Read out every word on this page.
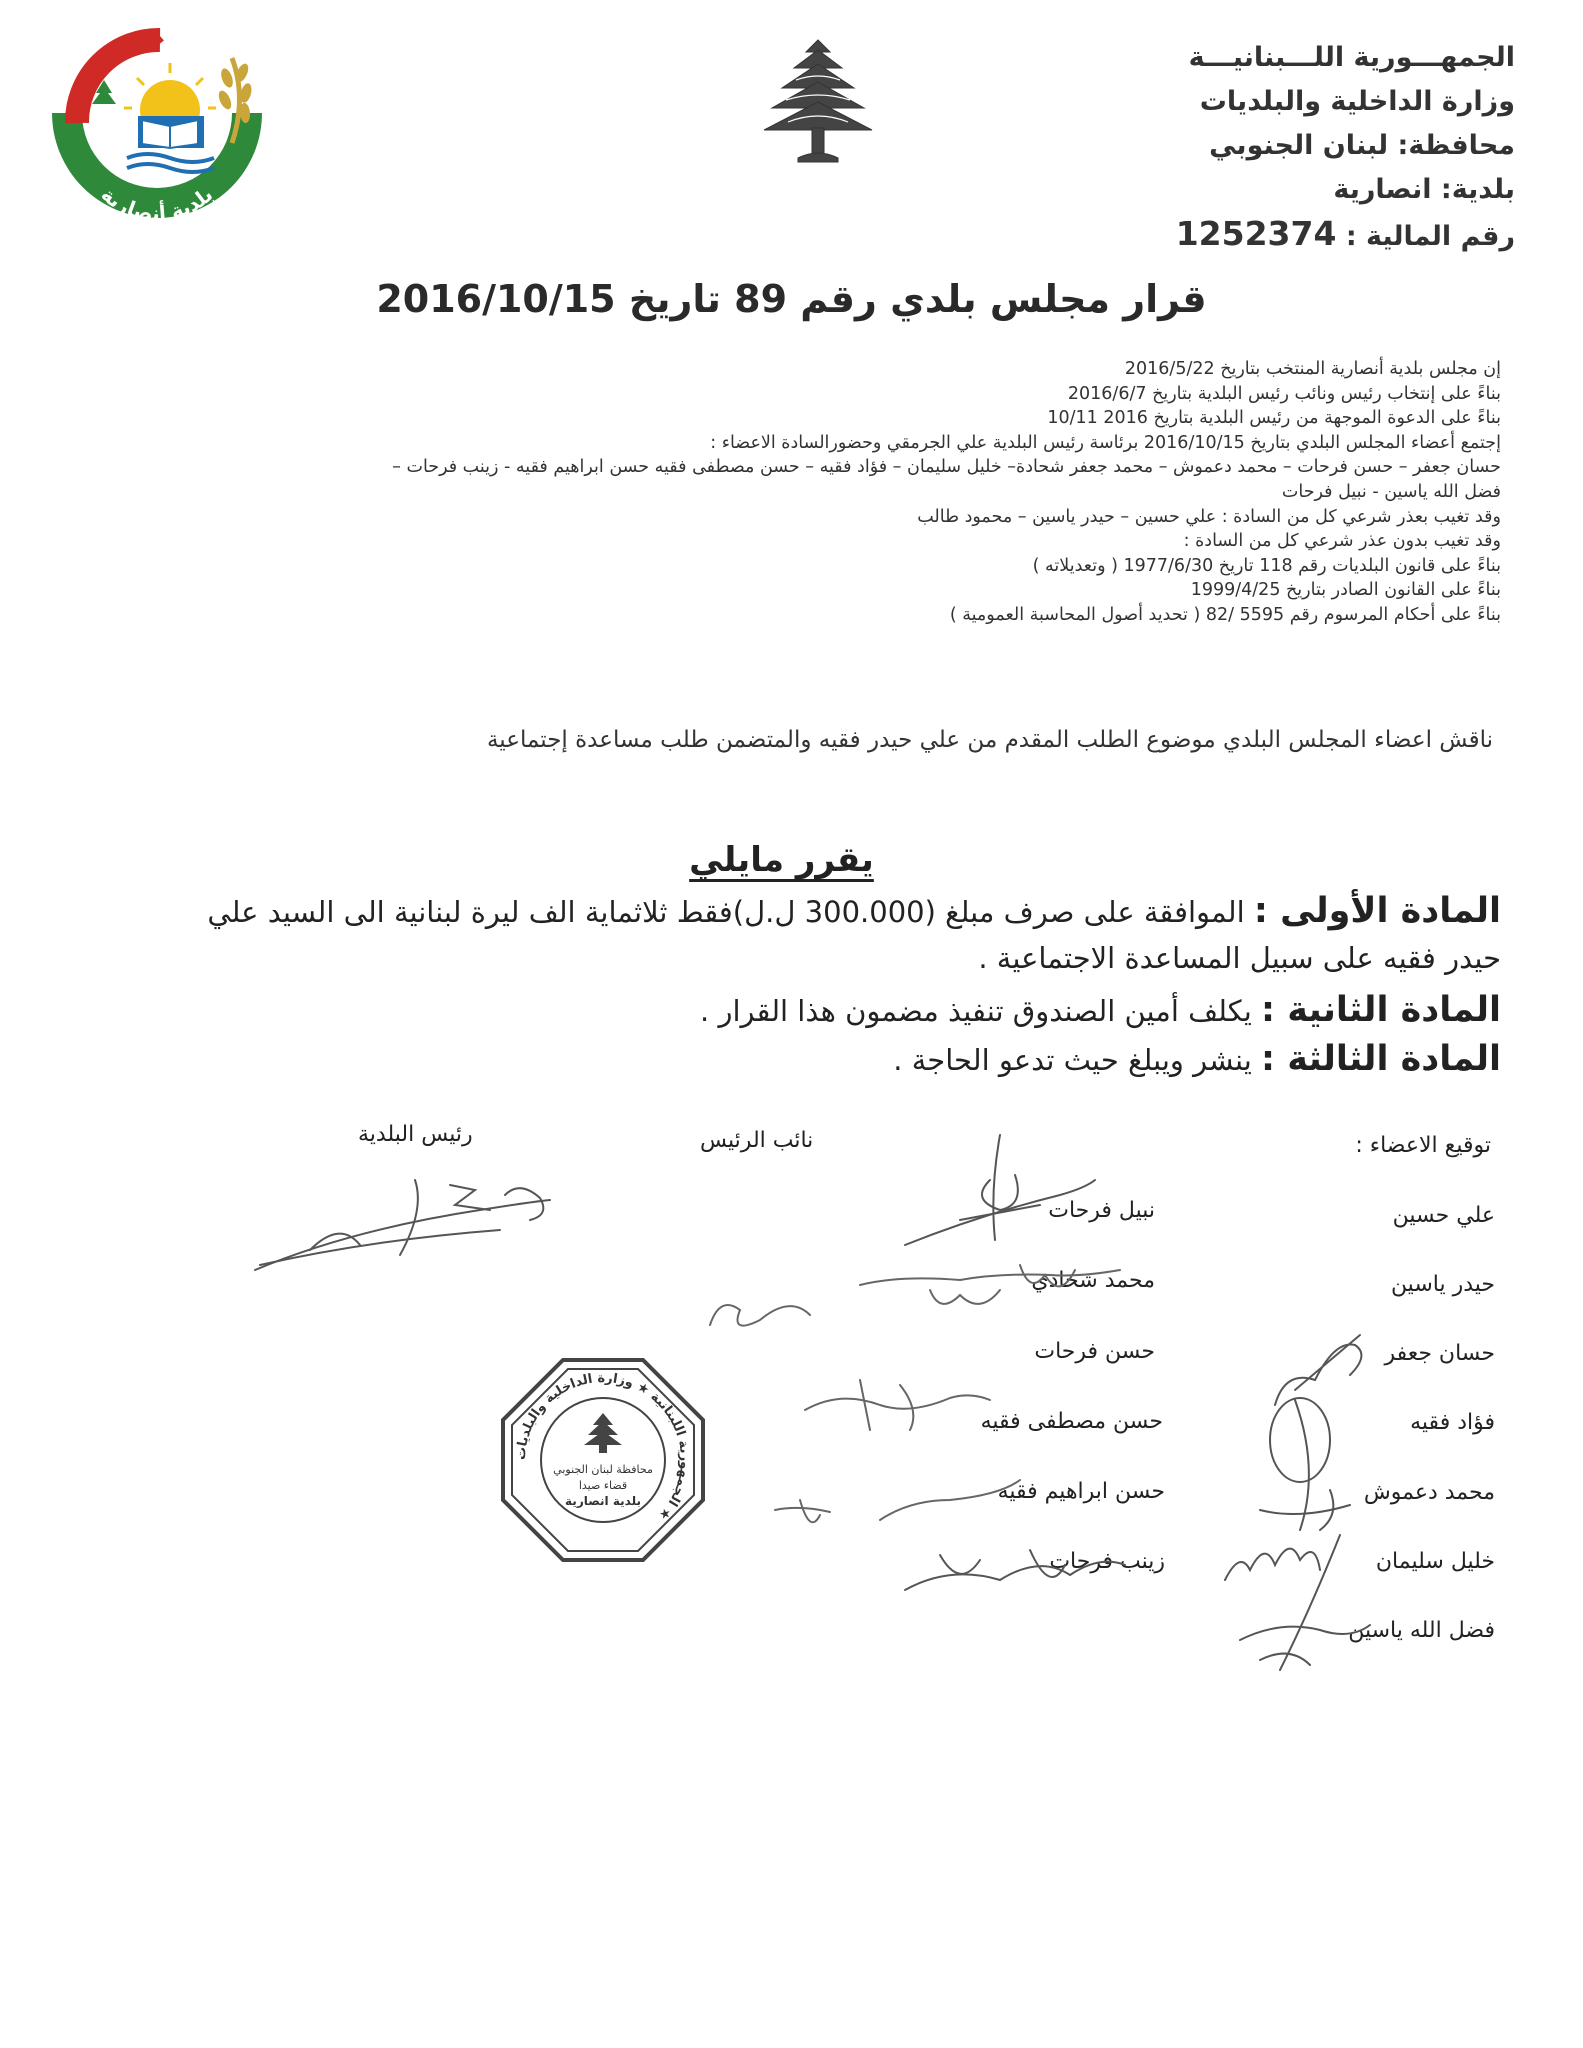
بلدية أنصارية
الجمهـــورية اللـــبنانيـــة
وزارة الداخلية والبلديات
محافظة: لبنان الجنوبي
بلدية: انصارية
رقم المالية : 1252374
قرار مجلس بلدي رقم 89 تاريخ 2016/10/15
إن مجلس بلدية أنصارية المنتخب بتاريخ 2016/5/22
بناءً على إنتخاب رئيس ونائب رئيس البلدية بتاريخ 2016/6/7
بناءً على الدعوة الموجهة من رئيس البلدية بتاريخ 2016 10/11
إجتمع أعضاء المجلس البلدي بتاريخ 2016/10/15 برئاسة رئيس البلدية علي الجرمقي وحضورالسادة الاعضاء :
حسان جعفر – حسن فرحات – محمد دعموش – محمد جعفر شحادة– خليل سليمان – فؤاد فقيه – حسن مصطفى فقيه حسن ابراهيم فقيه - زينب فرحات –
فضل الله ياسين - نبيل فرحات
وقد تغيب بعذر شرعي كل من السادة : علي حسين – حيدر ياسين – محمود طالب
وقد تغيب بدون عذر شرعي كل من السادة :
بناءً على قانون البلديات رقم 118 تاريخ 1977/6/30 ( وتعديلاته )
بناءً على القانون الصادر بتاريخ 1999/4/25
بناءً على أحكام المرسوم رقم 5595 /82 ( تحديد أصول المحاسبة العمومية )
ناقش اعضاء المجلس البلدي موضوع الطلب المقدم من علي حيدر فقيه والمتضمن طلب مساعدة إجتماعية
يقرر مايلي
المادة الأولى : الموافقة على صرف مبلغ (300.000 ل.ل)فقط ثلاثماية الف ليرة لبنانية الى السيد علي حيدر فقيه على سبيل المساعدة الاجتماعية .
المادة الثانية : يكلف أمين الصندوق تنفيذ مضمون هذا القرار .
المادة الثالثة : ينشر ويبلغ حيث تدعو الحاجة .
توقيع الاعضاء :
نائب الرئيس
رئيس البلدية
علي حسين
حيدر ياسين
حسان جعفر
فؤاد فقيه
محمد دعموش
خليل سليمان
فضل الله ياسين
نبيل فرحات
محمد شحادي
حسن فرحات
حسن مصطفى فقيه
حسن ابراهيم فقيه
زينب فرحات
الجمهورية اللبنانية ★ وزارة الداخلية والبلديات ★
محافظة لبنان الجنوبي
قضاء صيدا
بلدية انصارية
